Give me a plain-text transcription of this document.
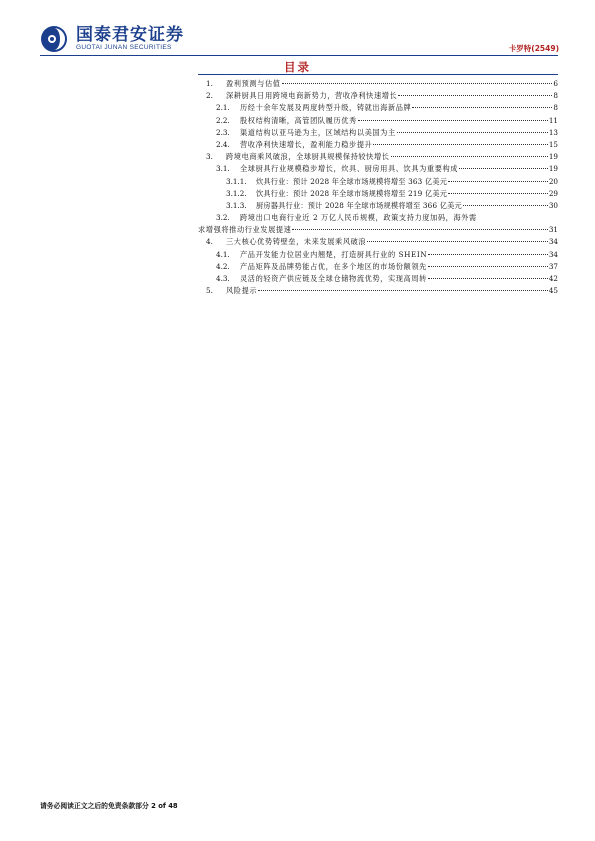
国泰君安证券
GUOTAI JUNAN SECURITIES	卡罗特(2549)
目录
1.	盈利预测与估值	6
2.	深耕厨具日用跨境电商新势力，营收净利快速增长	8
2.1.	历经十余年发展及两度转型升级，铸就出海新品牌	8
2.2.	股权结构清晰，高管团队履历优秀	11
2.3.	渠道结构以亚马逊为主，区域结构以美国为主	13
2.4.	营收净利快速增长，盈利能力稳步提升	15
3.	跨境电商乘风破浪，全球厨具规模保持较快增长	19
3.1.	全球厨具行业规模稳步增长，炊具、厨房用具、饮具为重要构成	19
3.1.1.	炊具行业：预计 2028 年全球市场规模将增至 363 亿美元	20
3.1.2.	饮具行业：预计 2028 年全球市场规模将增至 219 亿美元	29
3.1.3.	厨房器具行业：预计 2028 年全球市场规模将增至 366 亿美元	30
3.2.	跨境出口电商行业近 2 万亿人民币规模，政策支持力度加码，海外需
求增强将推动行业发展提速	31
4.	三大核心优势铸壁垒，未来发展乘风破浪	34
4.1.	产品开发能力位居业内翘楚，打造厨具行业的 SHEIN	34
4.2.	产品矩阵及品牌势能占优，在多个地区的市场份额领先	37
4.3.	灵活的轻资产供应链及全球仓储物流优势，实现高周转	42
5.	风险提示	45
请务必阅读正文之后的免责条款部分 2 of 48
